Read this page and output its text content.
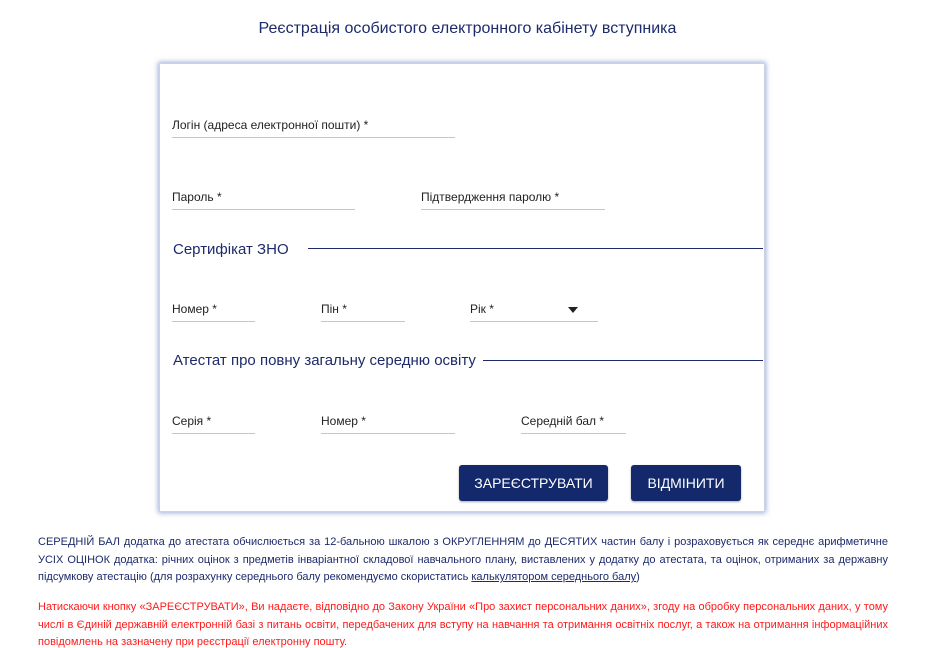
Реєстрація особистого електронного кабінету вступника
Логін (адреса електронної пошти) *
Пароль *	Підтвердження паролю *
Сертифікат ЗНО
Номер *	Пін *	Рік *
Атестат про повну загальну середню освіту
Серія *	Номер *	Середній бал *
ЗАРЕЄСТРУВАТИ	ВІДМІНИТИ

СЕРЕДНІЙ БАЛ додатка до атестата обчислюється за 12-бальною шкалою з ОКРУГЛЕННЯМ до ДЕСЯТИХ частин балу і розраховується як середнє арифметичне УСІХ ОЦІНОК додатка: річних оцінок з предметів інваріантної складової навчального плану, виставлених у додатку до атестата, та оцінок, отриманих за державну підсумкову атестацію (для розрахунку середнього балу рекомендуємо скористатись калькулятором середнього балу)

Натискаючи кнопку «ЗАРЕЄСТРУВАТИ», Ви надаєте, відповідно до Закону України «Про захист персональних даних», згоду на обробку персональних даних, у тому числі в Єдиній державній електронній базі з питань освіти, передбачених для вступу на навчання та отримання освітніх послуг, а також на отримання інформаційних повідомлень на зазначену при реєстрації електронну пошту.
